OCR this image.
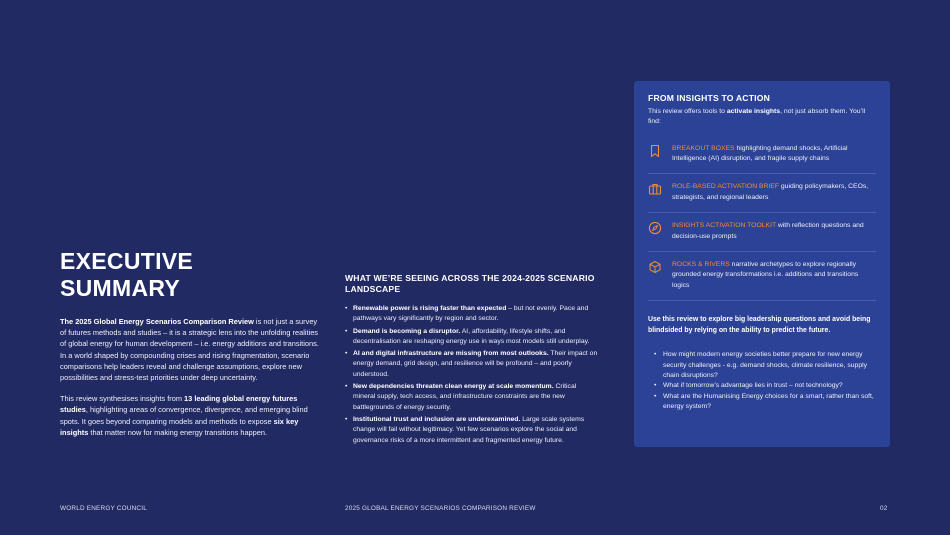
EXECUTIVE
SUMMARY

The 2025 Global Energy Scenarios Comparison Review is not just a survey of futures methods and studies – it is a strategic lens into the unfolding realities of global energy for human development – i.e. energy additions and transitions. In a world shaped by compounding crises and rising fragmentation, scenario comparisons help leaders reveal and challenge assumptions, explore new possibilities and stress-test priorities under deep uncertainty.

This review synthesises insights from 13 leading global energy futures studies, highlighting areas of convergence, divergence, and emerging blind spots. It goes beyond comparing models and methods to expose six key insights that matter now for making energy transitions happen.

WHAT WE’RE SEEING ACROSS THE 2024-2025 SCENARIO LANDSCAPE
• Renewable power is rising faster than expected – but not evenly. Pace and pathways vary significantly by region and sector.
• Demand is becoming a disruptor. AI, affordability, lifestyle shifts, and decentralisation are reshaping energy use in ways most models still underplay.
• AI and digital infrastructure are missing from most outlooks. Their impact on energy demand, grid design, and resilience will be profound – and poorly understood.
• New dependencies threaten clean energy at scale momentum. Critical mineral supply, tech access, and infrastructure constraints are the new battlegrounds of energy security.
• Institutional trust and inclusion are underexamined. Large scale systems change will fail without legitimacy. Yet few scenarios explore the social and governance risks of a more intermittent and fragmented energy future.
FROM INSIGHTS TO ACTION

This review offers tools to activate insights, not just absorb them. You’ll find:

BREAKOUT BOXES highlighting demand shocks, Artificial Intelligence (AI) disruption, and fragile supply chains
ROLE-BASED ACTIVATION BRIEF guiding policymakers, CEOs, strategists, and regional leaders
INSIGHTS ACTIVATION TOOLKIT with reflection questions and decision-use prompts
ROCKS & RIVERS narrative archetypes to explore regionally grounded energy transformations i.e. additions and transitions logics

Use this review to explore big leadership questions and avoid being blindsided by relying on the ability to predict the future.

• How might modern energy societies better prepare for new energy security challenges - e.g. demand shocks, climate resilience, supply chain disruptions?
• What if tomorrow’s advantage lies in trust – not technology?
• What are the Humanising Energy choices for a smart, rather than soft, energy system?
WORLD ENERGY COUNCIL	2025 GLOBAL ENERGY SCENARIOS COMPARISON REVIEW	02
